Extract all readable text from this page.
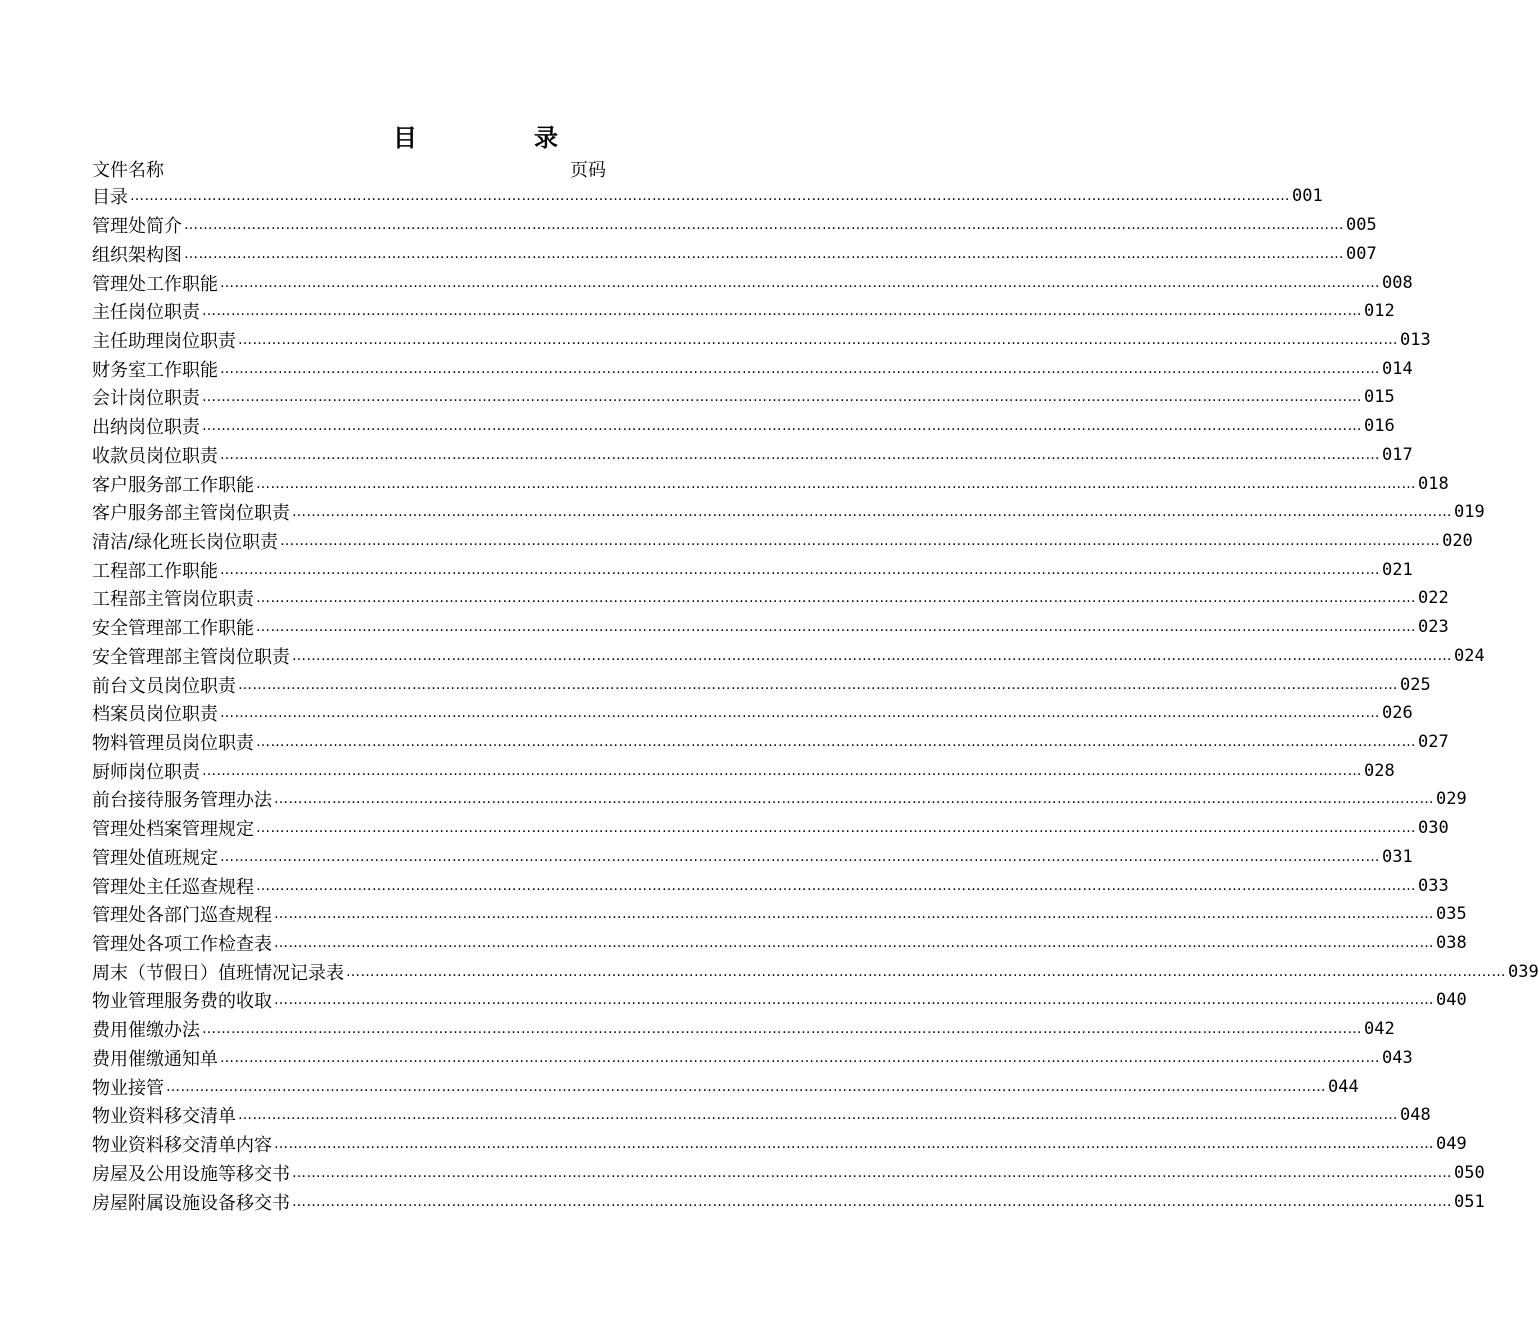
目	录
文件名称	页码
目录 …………………………………………………………………………………………………………………………………………………………………………………………………………………… 001
管理处简介 …………………………………………………………………………………………………………………………………………………………………………………………………………………… 005
组织架构图 …………………………………………………………………………………………………………………………………………………………………………………………………………………… 007
管理处工作职能 …………………………………………………………………………………………………………………………………………………………………………………………………………………… 008
主任岗位职责 …………………………………………………………………………………………………………………………………………………………………………………………………………………… 012
主任助理岗位职责 …………………………………………………………………………………………………………………………………………………………………………………………………………………… 013
财务室工作职能 …………………………………………………………………………………………………………………………………………………………………………………………………………………… 014
会计岗位职责 …………………………………………………………………………………………………………………………………………………………………………………………………………………… 015
出纳岗位职责 …………………………………………………………………………………………………………………………………………………………………………………………………………………… 016
收款员岗位职责 …………………………………………………………………………………………………………………………………………………………………………………………………………………… 017
客户服务部工作职能 …………………………………………………………………………………………………………………………………………………………………………………………………………………… 018
客户服务部主管岗位职责 …………………………………………………………………………………………………………………………………………………………………………………………………………………… 019
清洁/绿化班长岗位职责 …………………………………………………………………………………………………………………………………………………………………………………………………………………… 020
工程部工作职能 …………………………………………………………………………………………………………………………………………………………………………………………………………………… 021
工程部主管岗位职责 …………………………………………………………………………………………………………………………………………………………………………………………………………………… 022
安全管理部工作职能 …………………………………………………………………………………………………………………………………………………………………………………………………………………… 023
安全管理部主管岗位职责 …………………………………………………………………………………………………………………………………………………………………………………………………………………… 024
前台文员岗位职责 …………………………………………………………………………………………………………………………………………………………………………………………………………………… 025
档案员岗位职责 …………………………………………………………………………………………………………………………………………………………………………………………………………………… 026
物料管理员岗位职责 …………………………………………………………………………………………………………………………………………………………………………………………………………………… 027
厨师岗位职责 …………………………………………………………………………………………………………………………………………………………………………………………………………………… 028
前台接待服务管理办法 …………………………………………………………………………………………………………………………………………………………………………………………………………………… 029
管理处档案管理规定 …………………………………………………………………………………………………………………………………………………………………………………………………………………… 030
管理处值班规定 …………………………………………………………………………………………………………………………………………………………………………………………………………………… 031
管理处主任巡查规程 …………………………………………………………………………………………………………………………………………………………………………………………………………………… 033
管理处各部门巡查规程 …………………………………………………………………………………………………………………………………………………………………………………………………………………… 035
管理处各项工作检查表 …………………………………………………………………………………………………………………………………………………………………………………………………………………… 038
周末（节假日）值班情况记录表 …………………………………………………………………………………………………………………………………………………………………………………………………………………… 039
物业管理服务费的收取 …………………………………………………………………………………………………………………………………………………………………………………………………………………… 040
费用催缴办法 …………………………………………………………………………………………………………………………………………………………………………………………………………………… 042
费用催缴通知单 …………………………………………………………………………………………………………………………………………………………………………………………………………………… 043
物业接管 …………………………………………………………………………………………………………………………………………………………………………………………………………………… 044
物业资料移交清单 …………………………………………………………………………………………………………………………………………………………………………………………………………………… 048
物业资料移交清单内容 …………………………………………………………………………………………………………………………………………………………………………………………………………………… 049
房屋及公用设施等移交书 …………………………………………………………………………………………………………………………………………………………………………………………………………………… 050
房屋附属设施设备移交书 …………………………………………………………………………………………………………………………………………………………………………………………………………………… 051
